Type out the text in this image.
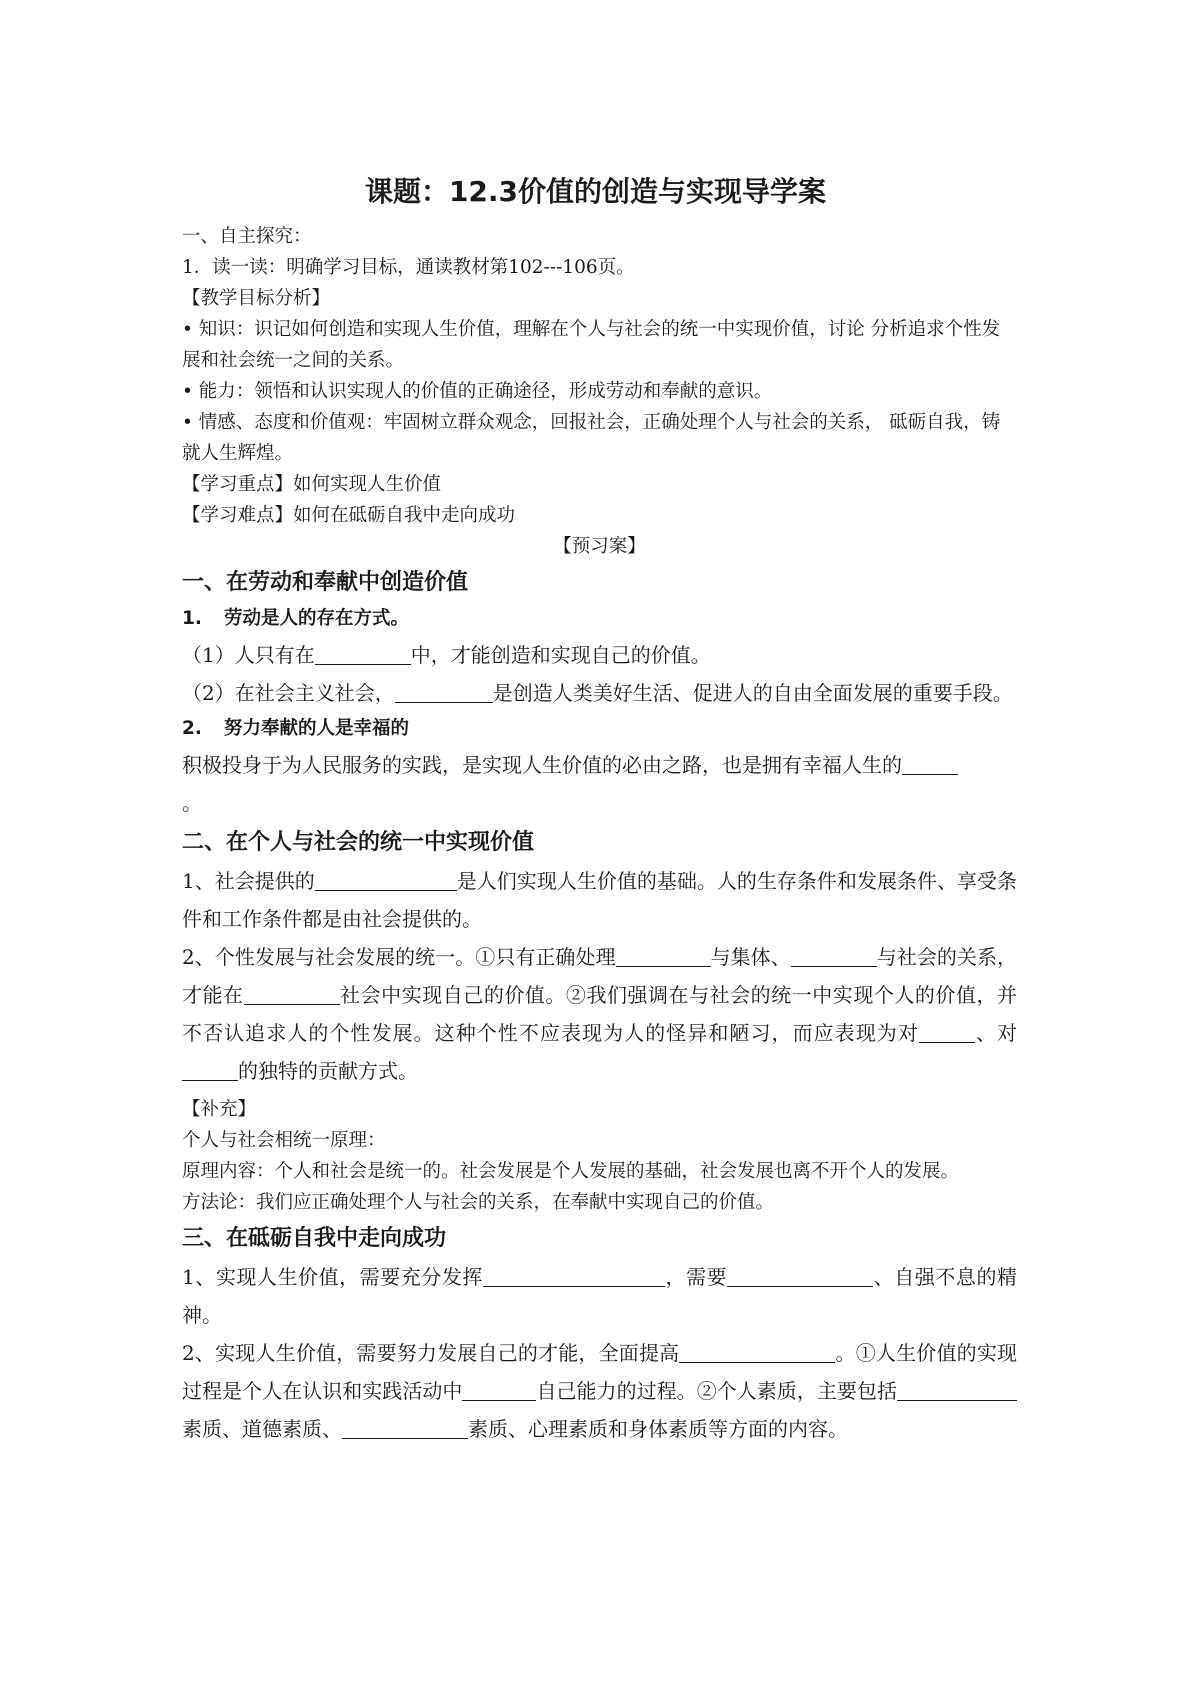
课题：12.3价值的创造与实现导学案

一、自主探究：

1．读一读：明确学习目标，通读教材第102---106页。

【教学目标分析】

• 知识：识记如何创造和实现人生价值，理解在个人与社会的统一中实现价值，讨论 分析追求个性发展和社会统一之间的关系。

• 能力：领悟和认识实现人的价值的正确途径，形成劳动和奉献的意识。

• 情感、态度和价值观：牢固树立群众观念，回报社会，正确处理个人与社会的关系， 砥砺自我，铸就人生辉煌。

【学习重点】如何实现人生价值

【学习难点】如何在砥砺自我中走向成功

【预习案】

一、在劳动和奉献中创造价值

1. 劳动是人的存在方式。

（1）人只有在	中，才能创造和实现自己的价值。

（2）在社会主义社会，	是创造人类美好生活、促进人的自由全面发展的重要手段。

2. 努力奉献的人是幸福的

积极投身于为人民服务的实践，是实现人生价值的必由之路，也是拥有幸福人生的
。

二、在个人与社会的统一中实现价值

1、社会提供的	是人们实现人生价值的基础。人的生存条件和发展条件、享受条件和工作条件都是由社会提供的。

2、个性发展与社会发展的统一。①只有正确处理	与集体、	与社会的关系，才能在	社会中实现自己的价值。②我们强调在与社会的统一中实现个人的价值，并不否认追求人的个性发展。这种个性不应表现为人的怪异和陋习，而应表现为对	、对的独特的贡献方式。

【补充】

个人与社会相统一原理：

原理内容：个人和社会是统一的。社会发展是个人发展的基础，社会发展也离不开个人的发展。

方法论：我们应正确处理个人与社会的关系，在奉献中实现自己的价值。

三、在砥砺自我中走向成功

1、实现人生价值，需要充分发挥	，需要	、自强不息的精神。

2、实现人生价值，需要努力发展自己的才能，全面提高	。①人生价值的实现过程是个人在认识和实践活动中	自己能力的过程。②个人素质，主要包括素质、道德素质、	素质、心理素质和身体素质等方面的内容。
